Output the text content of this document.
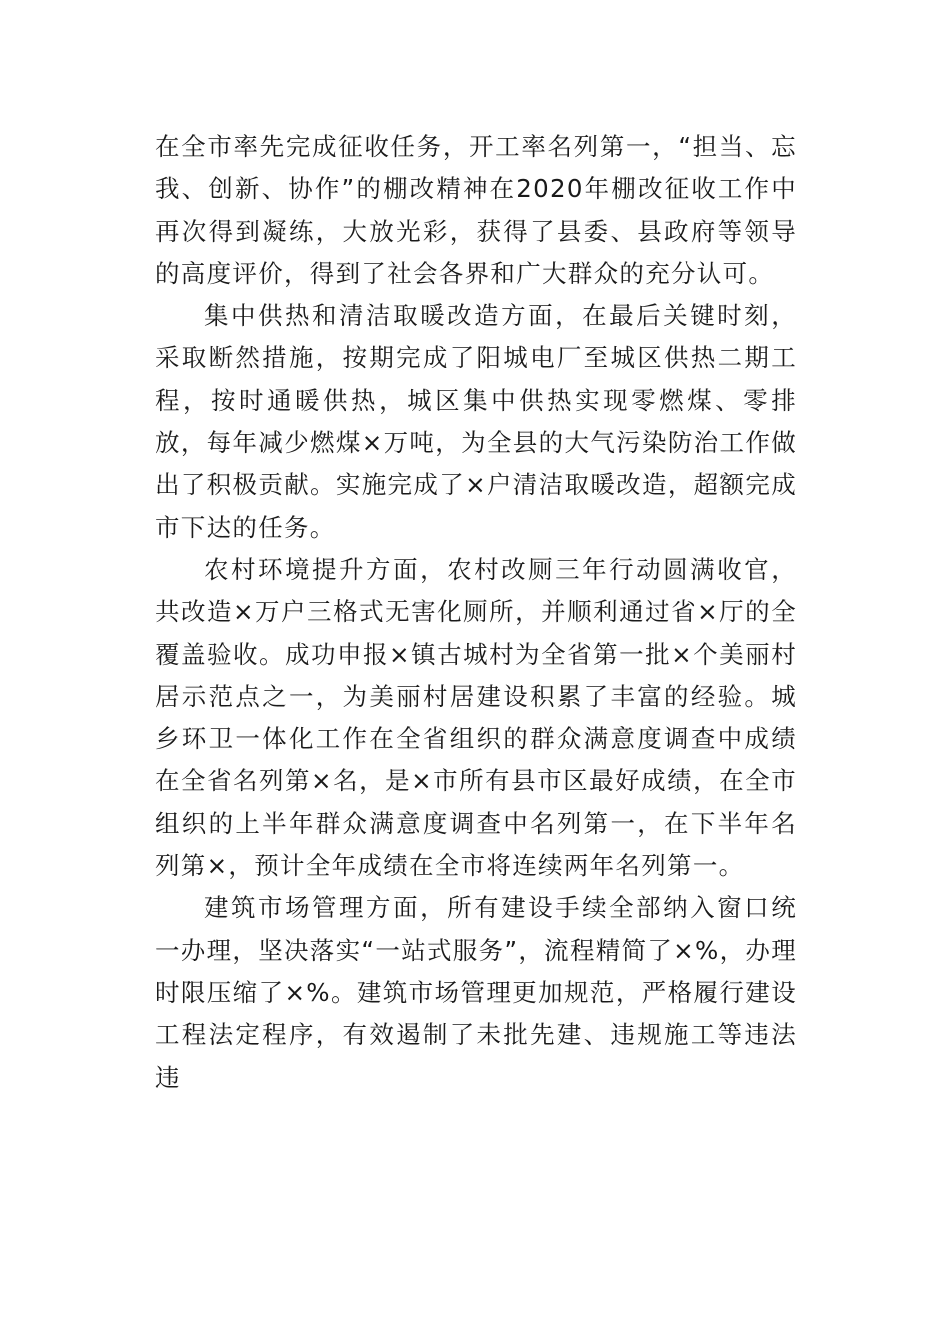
在全市率先完成征收任务，开工率名列第一，“担当、忘我、创新、协作”的棚改精神在2020年棚改征收工作中再次得到凝练，大放光彩，获得了县委、县政府等领导的高度评价，得到了社会各界和广大群众的充分认可。

集中供热和清洁取暖改造方面，在最后关键时刻，采取断然措施，按期完成了阳城电厂至城区供热二期工程，按时通暖供热，城区集中供热实现零燃煤、零排放，每年减少燃煤×万吨，为全县的大气污染防治工作做出了积极贡献。实施完成了×户清洁取暖改造，超额完成市下达的任务。

农村环境提升方面，农村改厕三年行动圆满收官，共改造×万户三格式无害化厕所，并顺利通过省×厅的全覆盖验收。成功申报×镇古城村为全省第一批×个美丽村居示范点之一，为美丽村居建设积累了丰富的经验。城乡环卫一体化工作在全省组织的群众满意度调查中成绩在全省名列第×名，是×市所有县市区最好成绩，在全市组织的上半年群众满意度调查中名列第一，在下半年名列第×，预计全年成绩在全市将连续两年名列第一。

建筑市场管理方面，所有建设手续全部纳入窗口统一办理，坚决落实“一站式服务”，流程精简了×%，办理时限压缩了×%。建筑市场管理更加规范，严格履行建设工程法定程序，有效遏制了未批先建、违规施工等违法违
